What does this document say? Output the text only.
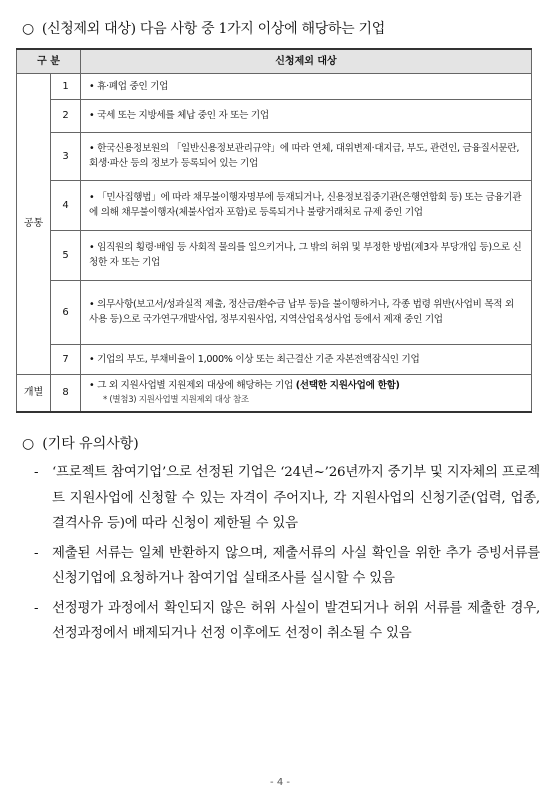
○ (신청제외 대상) 다음 사항 중 1가지 이상에 해당하는 기업
구 분		신청제외 대상
공통	1	• 휴·폐업 중인 기업
	2	• 국세 또는 지방세를 체납 중인 자 또는 기업
	3	• 한국신용정보원의 「일반신용정보관리규약」에 따라 연체, 대위변제·대지급, 부도, 관련인, 금융질서문란, 회생·파산 등의 정보가 등록되어 있는 기업
	4	• 「민사집행법」에 따라 채무불이행자명부에 등재되거나, 신용정보집중기관(은행연합회 등) 또는 금융기관에 의해 채무불이행자(체불사업자 포함)로 등록되거나 불량거래처로 규제 중인 기업
	5	• 임직원의 횡령·배임 등 사회적 물의를 일으키거나, 그 밖의 허위 및 부정한 방법(제3자 부당개입 등)으로 신청한 자 또는 기업
	6	• 의무사항(보고서/성과실적 제출, 정산금/환수금 납부 등)을 불이행하거나, 각종 법령 위반(사업비 목적 외 사용 등)으로 국가연구개발사업, 정부지원사업, 지역산업육성사업 등에서 제재 중인 기업
	7	• 기업의 부도, 부채비율이 1,000% 이상 또는 최근결산 기준 자본전액잠식인 기업
개별	8	• 그 외 지원사업별 지원제외 대상에 해당하는 기업 (선택한 지원사업에 한함)
* (별첨3) 지원사업별 지원제외 대상 참조
○ (기타 유의사항)
- ‘프로젝트 참여기업’으로 선정된 기업은 ‘24년~’26년까지 중기부 및 지자체의 프로젝트 지원사업에 신청할 수 있는 자격이 주어지나, 각 지원사업의 신청기준(업력, 업종, 결격사유 등)에 따라 신청이 제한될 수 있음
- 제출된 서류는 일체 반환하지 않으며, 제출서류의 사실 확인을 위한 추가 증빙서류를 신청기업에 요청하거나 참여기업 실태조사를 실시할 수 있음
- 선정평가 과정에서 확인되지 않은 허위 사실이 발견되거나 허위 서류를 제출한 경우, 선정과정에서 배제되거나 선정 이후에도 선정이 취소될 수 있음
- 4 -
